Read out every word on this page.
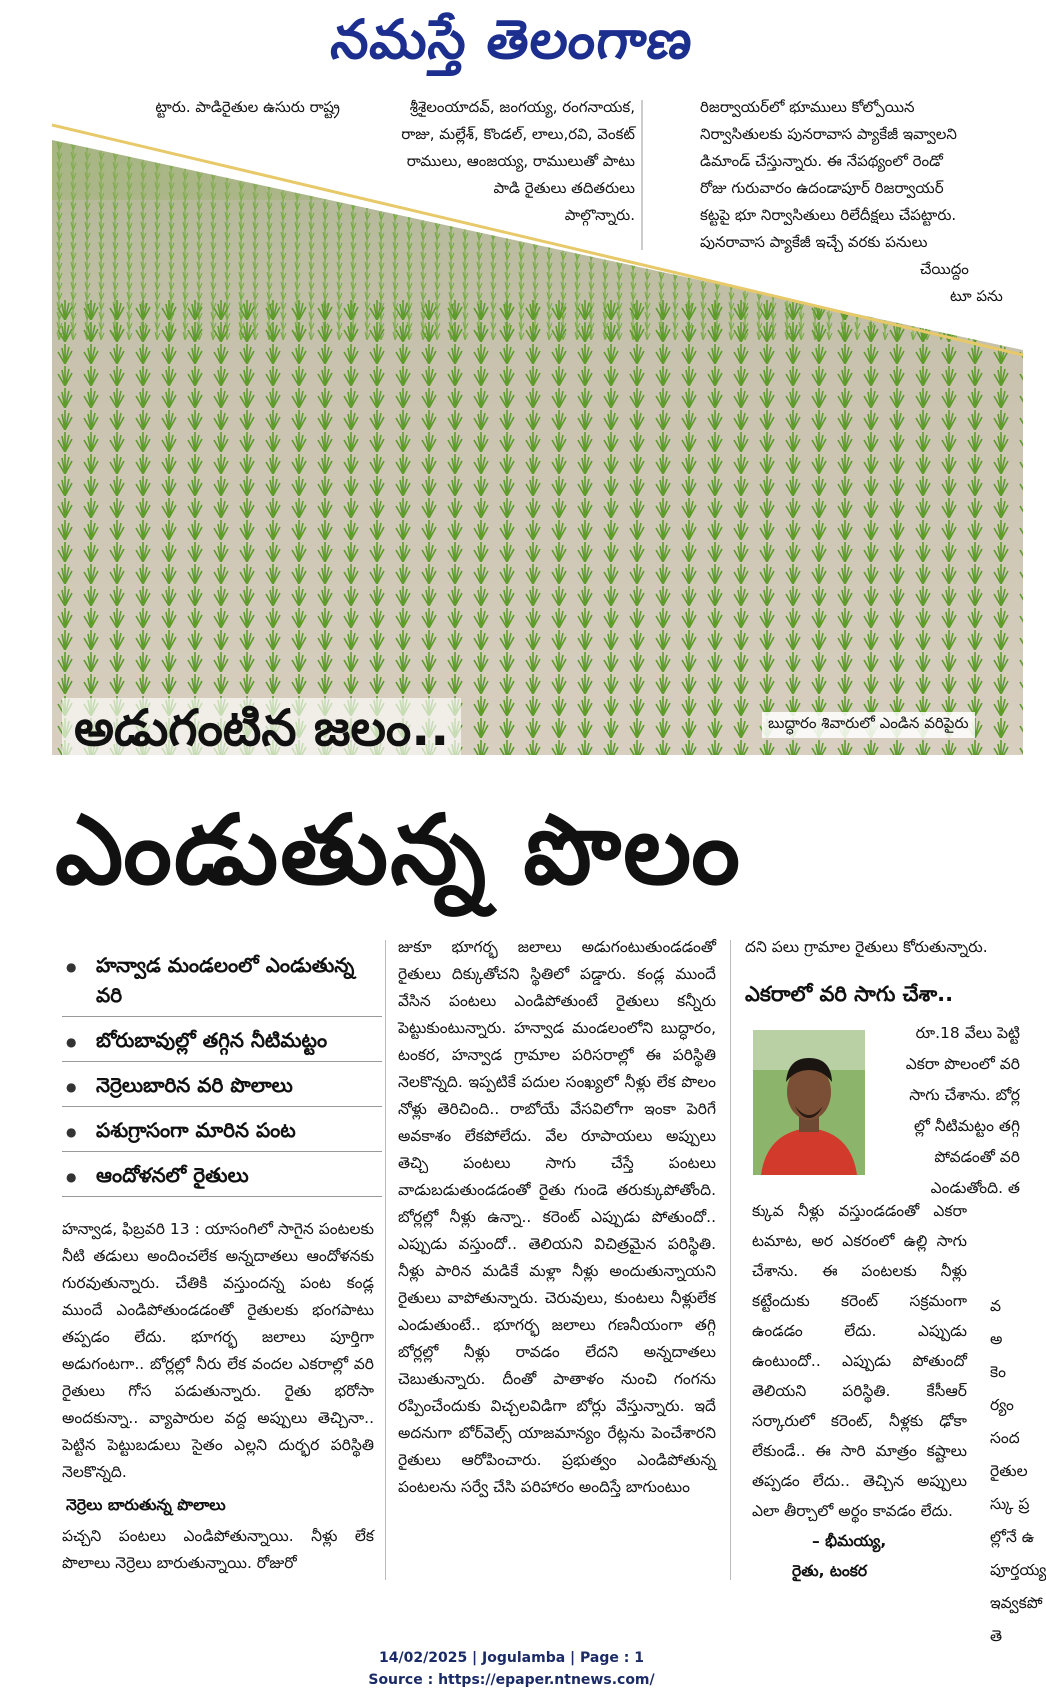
నమస్తే తెలంగాణ
ట్టారు. పాడిరైతుల ఉసురు రాష్ట్ర	శ్రీశైలంయాదవ్, జంగయ్య, రంగనాయక,
రాజు, మల్లేశ్, కొండల్, లాలు,రవి, వెంకట్
రాములు, ఆంజయ్య, రాములుతో పాటు
పాడి రైతులు తదితరులు
పాల్గొన్నారు.
రిజర్వాయర్‌లో భూములు కోల్పోయిన
నిర్వాసితులకు పునరావాస ప్యాకేజీ ఇవ్వాలని
డిమాండ్ చేస్తున్నారు. ఈ నేపథ్యంలో రెండో
రోజు గురువారం ఉదండాపూర్ రిజర్వాయర్
కట్టపై భూ నిర్వాసితులు రిలేదీక్షలు చేపట్టారు.
పునరావాస ప్యాకేజీ ఇచ్చే వరకు పనులు
చేయిద్దం
టూ పను
అడుగంటిన జలం..	బుద్ధారం శివారులో ఎండిన వరిపైరు
ఎండుతున్న పొలం
● హన్వాడ మండలంలో ఎండుతున్న వరి
● బోరుబావుల్లో తగ్గిన నీటిమట్టం
● నెర్రెలుబారిన వరి పొలాలు
● పశుగ్రాసంగా మారిన పంట
● ఆందోళనలో రైతులు

హన్వాడ, ఫిబ్రవరి 13 : యాసంగిలో సాగైన పంటలకు నీటి తడులు అందించలేక అన్నదాతలు ఆందోళనకు గురవుతున్నారు. చేతికి వస్తుందన్న పంట కండ్ల ముందే ఎండిపోతుండడంతో రైతులకు భంగపాటు తప్పడం లేదు. భూగర్భ జలాలు పూర్తిగా అడుగంటగా.. బోర్లల్లో నీరు లేక వందల ఎకరాల్లో వరి రైతులు గోస పడుతున్నారు. రైతు భరోసా అందకున్నా.. వ్యాపారుల వద్ద అప్పులు తెచ్చినా.. పెట్టిన పెట్టుబడులు సైతం ఎల్లని దుర్భర పరిస్థితి నెలకొన్నది.

నెర్రెలు బారుతున్న పొలాలు

పచ్చని పంటలు ఎండిపోతున్నాయి. నీళ్లు లేక పొలాలు నెర్రెలు బారుతున్నాయి. రోజురో

జుకూ భూగర్భ జలాలు అడుగంటుతుండడంతో రైతులు దిక్కుతోచని స్థితిలో పడ్డారు. కండ్ల ముందే వేసిన పంటలు ఎండిపోతుంటే రైతులు కన్నీరు పెట్టుకుంటున్నారు. హన్వాడ మండలంలోని బుద్ధారం, టంకర, హన్వాడ గ్రామాల పరిసరాల్లో ఈ పరిస్థితి నెలకొన్నది. ఇప్పటికే పదుల సంఖ్యలో నీళ్లు లేక పొలం నోళ్లు తెరిచింది.. రాబోయే వేసవిలోగా ఇంకా పెరిగే అవకాశం లేకపోలేదు. వేల రూపాయలు అప్పులు తెచ్చి పంటలు సాగు చేస్తే పంటలు వాడుబడుతుండడంతో రైతు గుండె తరుక్కుపోతోంది. బోర్లల్లో నీళ్లు ఉన్నా.. కరెంట్ ఎప్పుడు పోతుందో.. ఎప్పుడు వస్తుందో.. తెలియని విచిత్రమైన పరిస్థితి. నీళ్లు పారిన మడికే మళ్లా నీళ్లు అందుతున్నాయని రైతులు వాపోతున్నారు. చెరువులు, కుంటలు నీళ్లులేక ఎండుతుంటే.. భూగర్భ జలాలు గణనీయంగా తగ్గి బోర్లల్లో నీళ్లు రావడం లేదని అన్నదాతలు చెబుతున్నారు. దీంతో పాతాళం నుంచి గంగను రప్పించేందుకు విచ్చలవిడిగా బోర్లు వేస్తున్నారు. ఇదే అదనుగా బోర్‌వెల్స్ యాజమాన్యం రేట్లను పెంచేశారని రైతులు ఆరోపించారు. ప్రభుత్వం ఎండిపోతున్న పంటలను సర్వే చేసి పరిహారం అందిస్తే బాగుంటుం

దని పలు గ్రామాల రైతులు కోరుతున్నారు.
ఎకరాలో వరి సాగు చేశా..
రూ.18 వేలు పెట్టి
ఎకరా పొలంలో వరి
సాగు చేశాను. బోర్ల
ల్లో నీటిమట్టం తగ్గి
పోవడంతో వరి
ఎండుతోంది. త

క్కువ నీళ్లు వస్తుండడంతో ఎకరా టమాట, అర ఎకరంలో ఉల్లి సాగు చేశాను. ఈ పంటలకు నీళ్లు కట్టేందుకు కరెంట్ సక్రమంగా ఉండడం లేదు. ఎప్పుడు ఉంటుందో.. ఎప్పుడు పోతుందో తెలియని పరిస్థితి. కేసీఆర్ సర్కారులో కరెంట్, నీళ్లకు ఢోకా లేకుండే.. ఈ సారి మాత్రం కష్టాలు తప్పడం లేదు.. తెచ్చిన అప్పులు ఎలా తీర్చాలో అర్థం కావడం లేదు.

– భీమయ్య,
రైతు, టంకర
వ
అ
కెం
ర్యం
సంద
రైతుల
స్కు ప్ర
ల్లోనే ఉ
పూర్తయ్య
ఇవ్వకపో
తె
14/02/2025 | Jogulamba | Page : 1
Source : https://epaper.ntnews.com/
